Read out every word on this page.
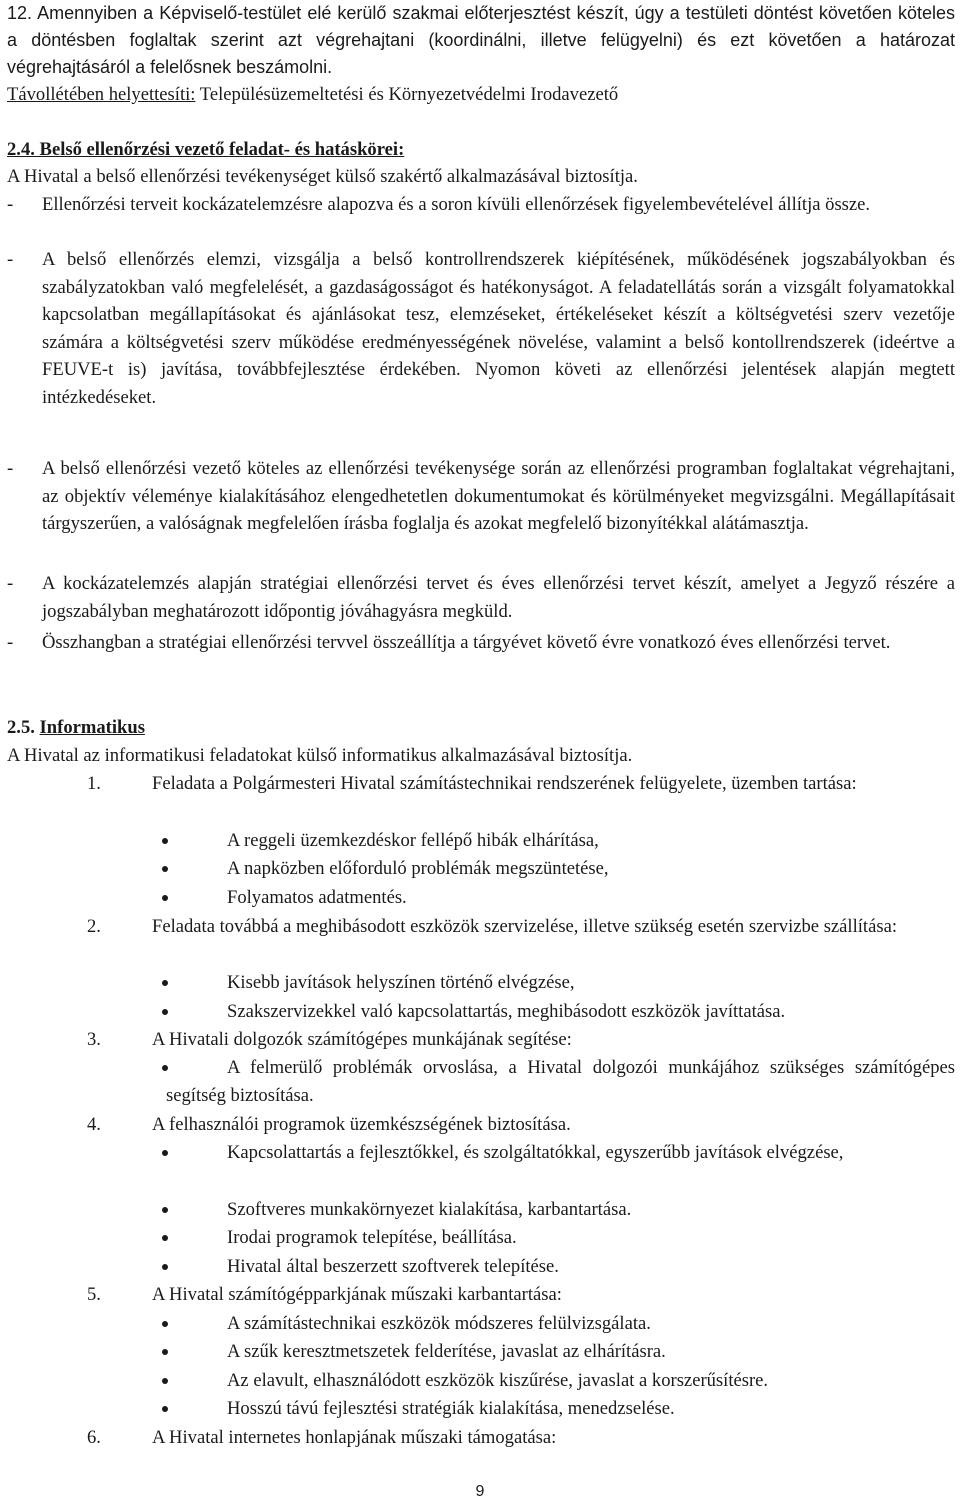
12. Amennyiben a Képviselő-testület elé kerülő szakmai előterjesztést készít, úgy a testületi döntést követően köteles a döntésben foglaltak szerint azt végrehajtani (koordinálni, illetve felügyelni) és ezt követően a határozat végrehajtásáról a felelősnek beszámolni.

Távollétében helyettesíti: Településüzemeltetési és Környezetvédelmi Irodavezető

2.4. Belső ellenőrzési vezető feladat- és hatáskörei:

A Hivatal a belső ellenőrzési tevékenységet külső szakértő alkalmazásával biztosítja.

- Ellenőrzési terveit kockázatelemzésre alapozva és a soron kívüli ellenőrzések figyelembevételével állítja össze.

- A belső ellenőrzés elemzi, vizsgálja a belső kontrollrendszerek kiépítésének, működésének jogszabályokban és szabályzatokban való megfelelését, a gazdaságosságot és hatékonyságot. A feladatellátás során a vizsgált folyamatokkal kapcsolatban megállapításokat és ajánlásokat tesz, elemzéseket, értékeléseket készít a költségvetési szerv vezetője számára a költségvetési szerv működése eredményességének növelése, valamint a belső kontollrendszerek (ideértve a FEUVE-t is) javítása, továbbfejlesztése érdekében. Nyomon követi az ellenőrzési jelentések alapján megtett intézkedéseket.

- A belső ellenőrzési vezető köteles az ellenőrzési tevékenysége során az ellenőrzési programban foglaltakat végrehajtani, az objektív véleménye kialakításához elengedhetetlen dokumentumokat és körülményeket megvizsgálni. Megállapításait tárgyszerűen, a valóságnak megfelelően írásba foglalja és azokat megfelelő bizonyítékkal alátámasztja.

- A kockázatelemzés alapján stratégiai ellenőrzési tervet és éves ellenőrzési tervet készít, amelyet a Jegyző részére a jogszabályban meghatározott időpontig jóváhagyásra megküld.

- Összhangban a stratégiai ellenőrzési tervvel összeállítja a tárgyévet követő évre vonatkozó éves ellenőrzési tervet.

2.5. Informatikus

A Hivatal az informatikusi feladatokat külső informatikus alkalmazásával biztosítja.

1.	Feladata a Polgármesteri Hivatal számítástechnikai rendszerének felügyelete, üzemben tartása:

A reggeli üzemkezdéskor fellépő hibák elhárítása,

A napközben előforduló problémák megszüntetése,

Folyamatos adatmentés.

2.	Feladata továbbá a meghibásodott eszközök szervizelése, illetve szükség esetén szervizbe szállítása:

Kisebb javítások helyszínen történő elvégzése,

Szakszervizekkel való kapcsolattartás, meghibásodott eszközök javíttatása.

3.	A Hivatali dolgozók számítógépes munkájának segítése:

A felmerülő problémák orvoslása, a Hivatal dolgozói munkájához szükséges számítógépes segítség biztosítása.

4.	A felhasználói programok üzemkészségének biztosítása.

Kapcsolattartás a fejlesztőkkel, és szolgáltatókkal, egyszerűbb javítások elvégzése,

Szoftveres munkakörnyezet kialakítása, karbantartása.

Irodai programok telepítése, beállítása.

Hivatal által beszerzett szoftverek telepítése.

5.	A Hivatal számítógépparkjának műszaki karbantartása:

A számítástechnikai eszközök módszeres felülvizsgálata.

A szűk keresztmetszetek felderítése, javaslat az elhárításra.

Az elavult, elhasználódott eszközök kiszűrése, javaslat a korszerűsítésre.

Hosszú távú fejlesztési stratégiák kialakítása, menedzselése.

6.	A Hivatal internetes honlapjának műszaki támogatása:

9
